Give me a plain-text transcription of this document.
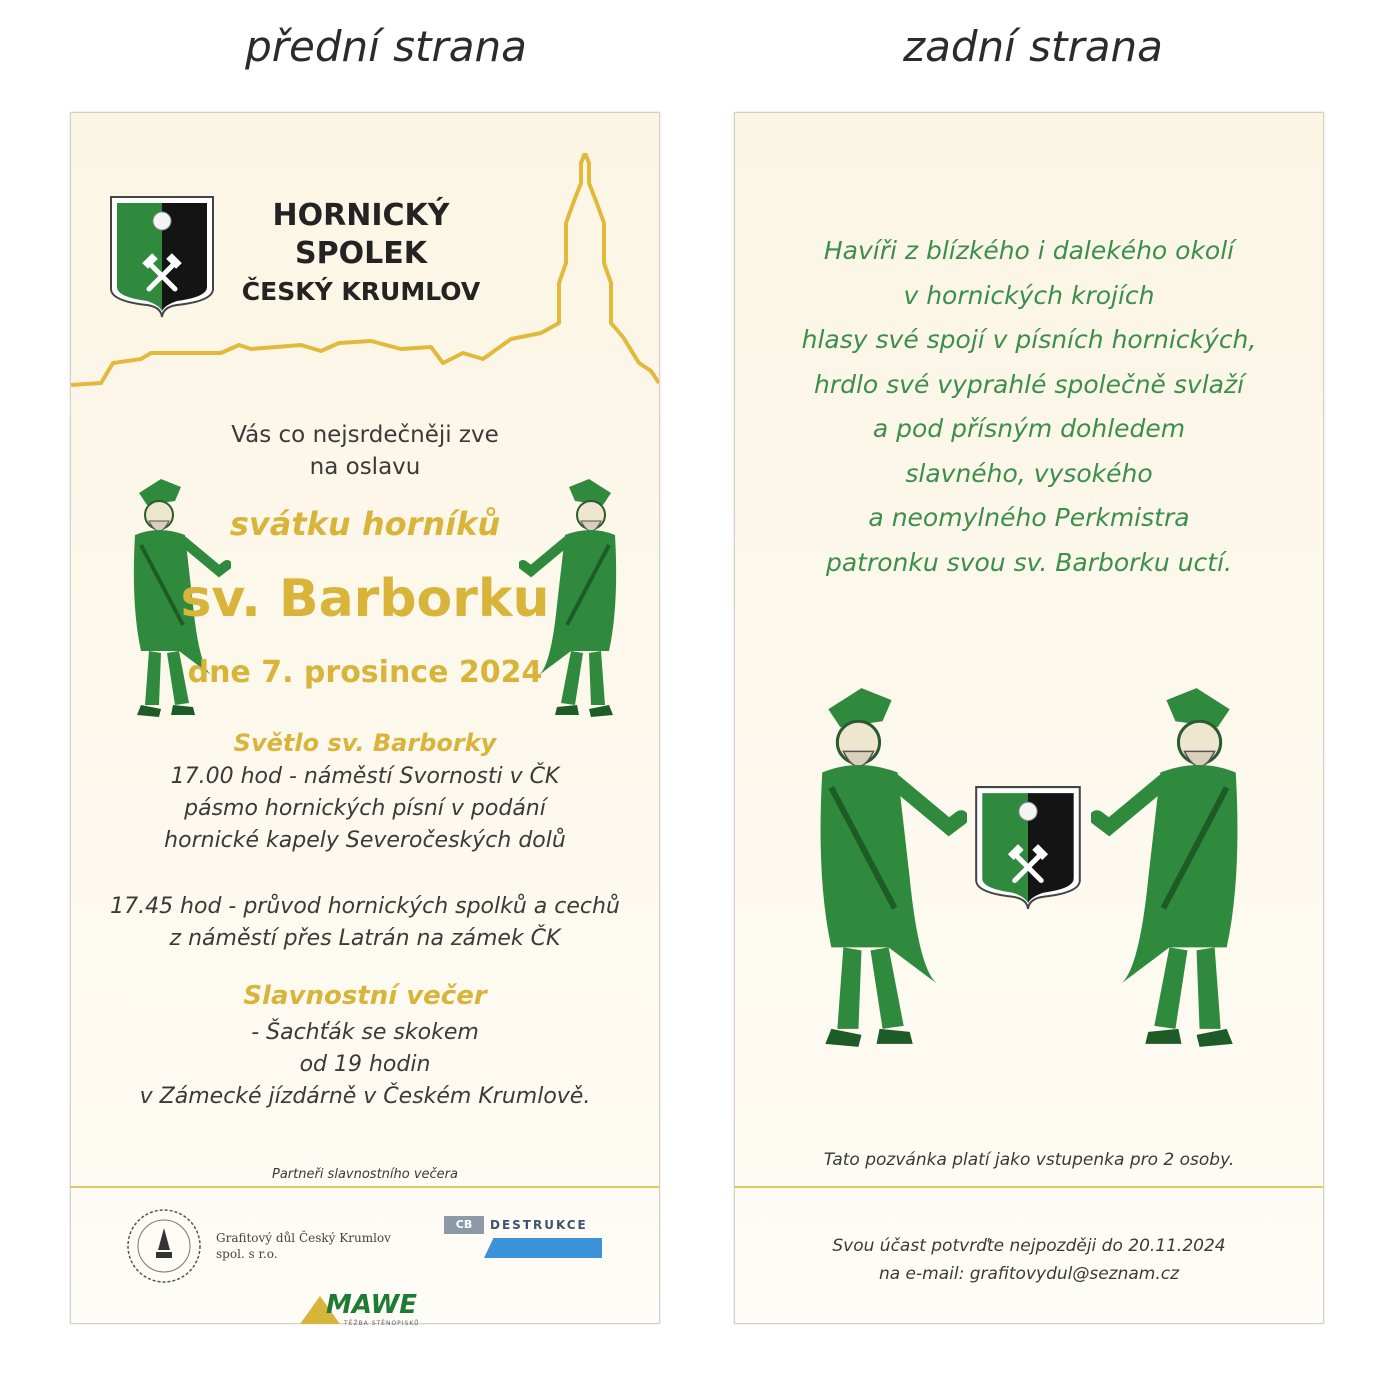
přední strana	zadní strana
HORNICKÝ
SPOLEK
ČESKÝ KRUMLOV
Vás co nejsrdečněji zve
na oslavu
svátku horníků
sv. Barborku
dne 7. prosince 2024
Světlo sv. Barborky
17.00 hod - náměstí Svornosti v ČK
pásmo hornických písní v podání
hornické kapely Severočeských dolů
17.45 hod - průvod hornických spolků a cechů
z náměstí přes Latrán na zámek ČK
Slavnostní večer
- Šachťák se skokem
od 19 hodin
v Zámecké jízdárně v Českém Krumlově.
Partneři slavnostního večera
Havíři z blízkého i dalekého okolí
v hornických krojích
hlasy své spojí v písních hornických,
hrdlo své vyprahlé společně svlaží
a pod přísným dohledem
slavného, vysokého
a neomylného Perkmistra
patronku svou sv. Barborku uctí.
Grafitový důl Český Krumlov
spol. s r.o.
CB	DESTRUKCE
MAWE
TĚŽBA STĚNOPISKŮ
Tato pozvánka platí jako vstupenka pro 2 osoby.
Svou účast potvrďte nejpozději do 20.11.2024
na e-mail: grafitovydul@seznam.cz
